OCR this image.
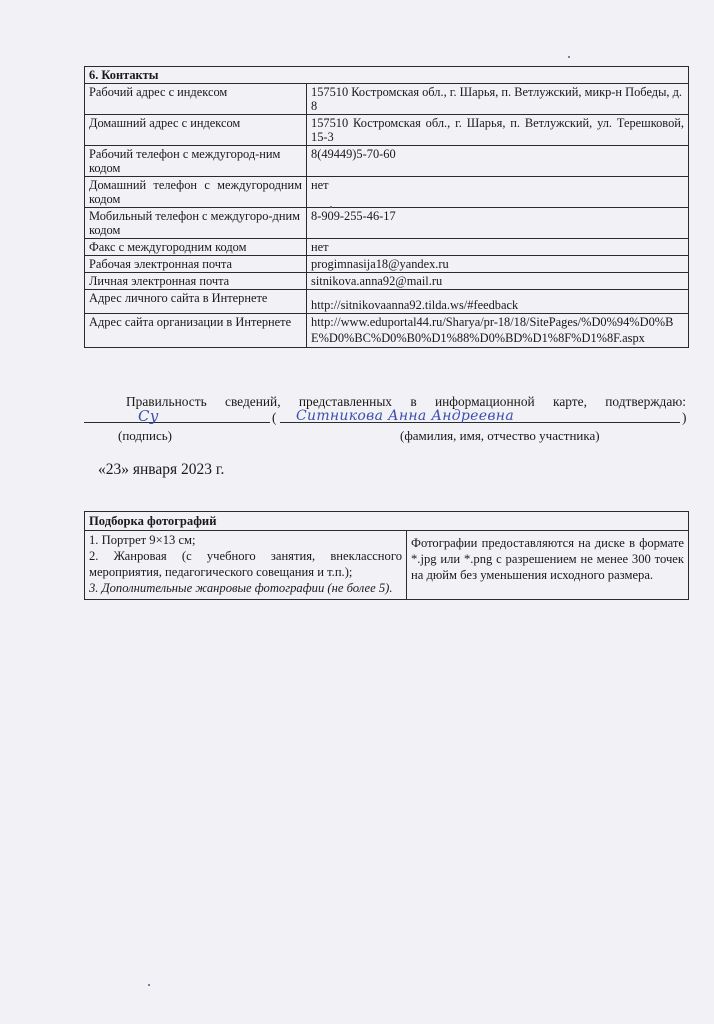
6. Контакты	
Рабочий адрес с индексом	157510 Костромская обл., г. Шарья, п. Ветлужский, микр-н Победы, д. 8
Домашний адрес с индексом	157510 Костромская обл., г. Шарья, п. Ветлужский, ул. Терешковой, 15-3
Рабочий телефон с междугород-ним кодом	8(49449)5-70-60
Домашний телефон с междугородним кодом	нет
Мобильный телефон с междугоро-дним кодом	8-909-255-46-17
Факс с междугородним кодом	нет
Рабочая электронная почта	progimnasija18@yandex.ru
Личная электронная почта	sitnikova.anna92@mail.ru
Адрес личного сайта в Интернете	http://sitnikovaanna92.tilda.ws/#feedback
Адрес сайта организации в Интернете	http://www.eduportal44.ru/Sharya/pr-18/18/SitePages/%D0%94%D0%BE%D0%BC%D0%B0%D1%88%D0%BD%D1%8F%D1%8F.aspx
Правильность сведений, представленных в информационной карте, подтверждаю:
(	)
Су	Ситникова Анна Андреевна
(подпись)	(фамилия, имя, отчество участника)
«23» января 2023 г.
Подборка фотографий

1. Портрет 9×13 см;
2. Жанровая (с учебного занятия, внеклассного мероприятия, педагогического совещания и т.п.);
3. Дополнительные жанровые фотографии (не более 5).
	Фотографии предоставляются на диске в формате *.jpg или *.png с разрешением не менее 300 точек на дюйм без уменьшения исходного размера.
